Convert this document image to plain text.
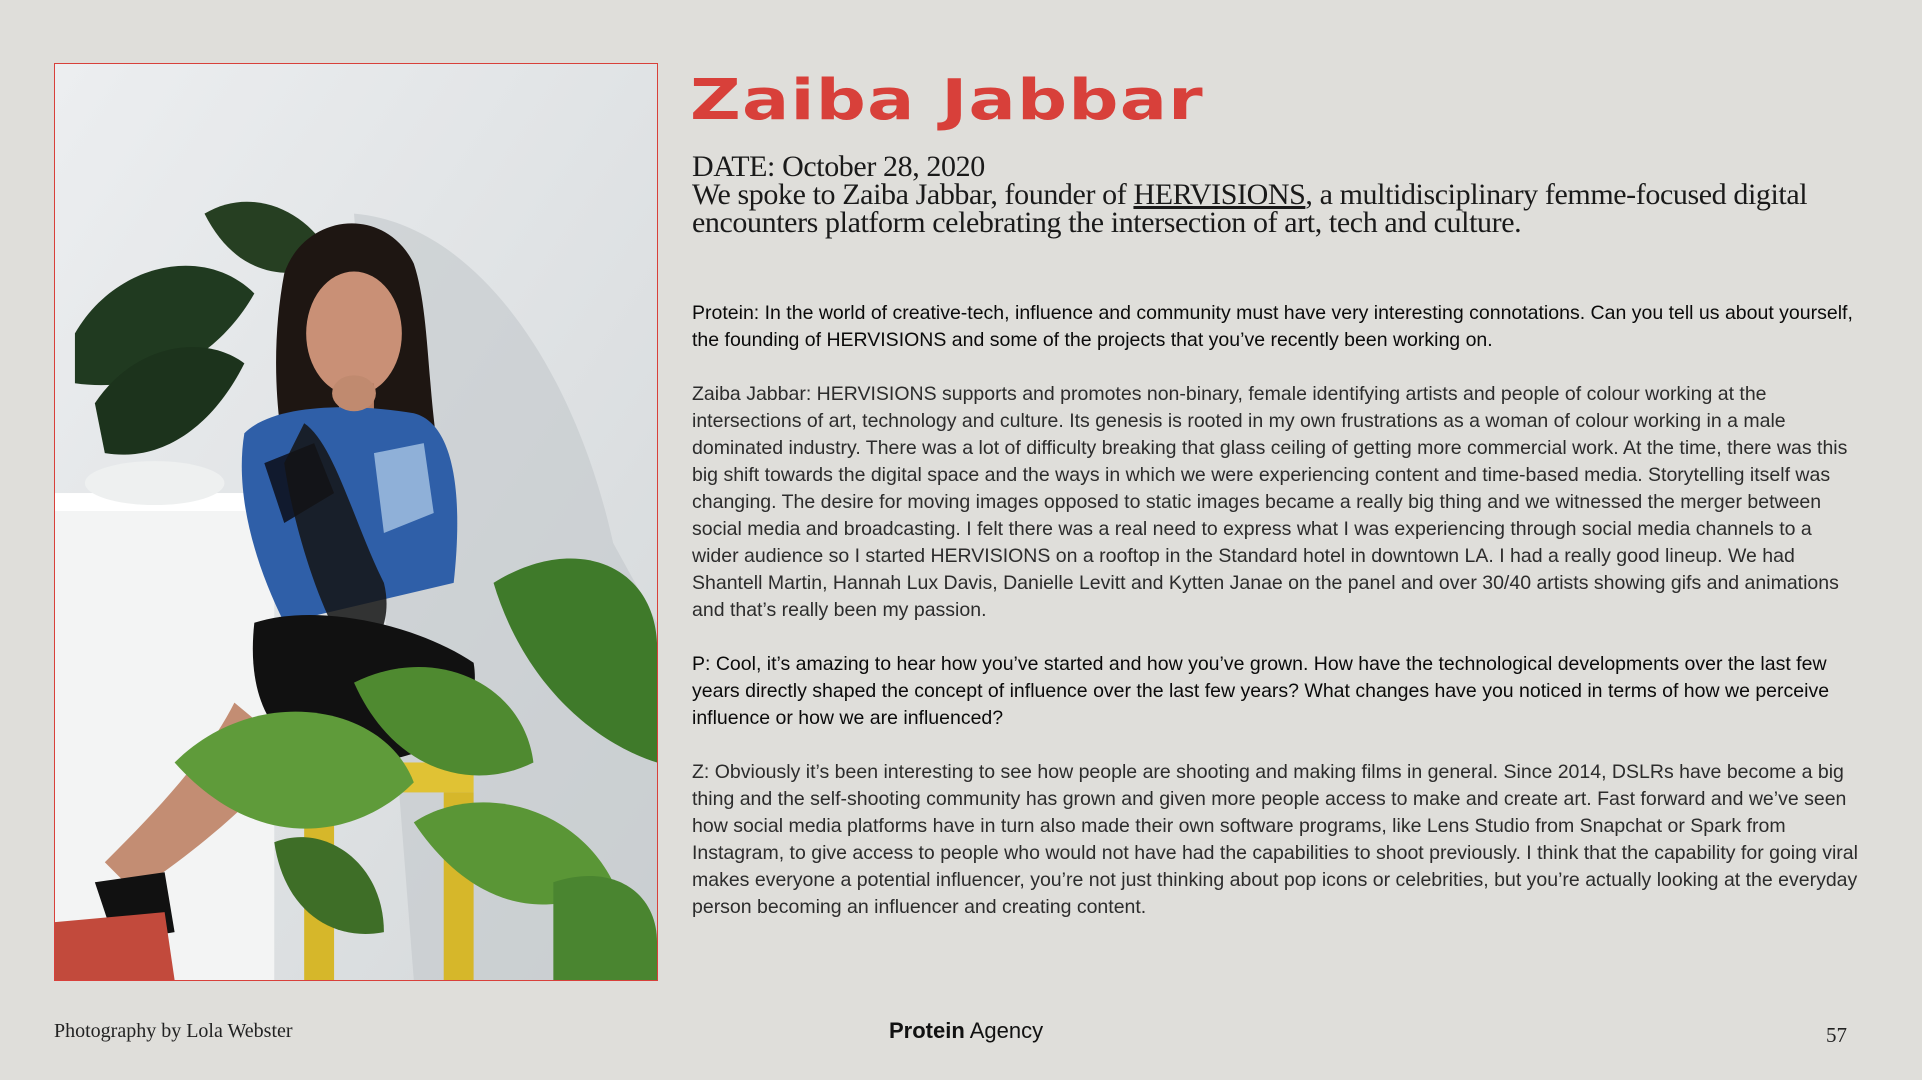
Zaiba Jabbar
DATE: October 28, 2020
We spoke to Zaiba Jabbar, founder of HERVISIONS, a multidisciplinary femme-focused digital encounters platform celebrating the intersection of art, tech and culture.

Protein: In the world of creative-tech, influence and community must have very interesting connotations. Can you tell us about yourself, the founding of HERVISIONS and some of the projects that you’ve recently been working on.

Zaiba Jabbar: HERVISIONS supports and promotes non-binary, female identifying artists and people of colour working at the intersections of art, technology and culture. Its genesis is rooted in my own frustrations as a woman of colour working in a male dominated industry. There was a lot of difficulty breaking that glass ceiling of getting more commercial work. At the time, there was this big shift towards the digital space and the ways in which we were experiencing content and time-based media. Storytelling itself was changing. The desire for moving images opposed to static images became a really big thing and we witnessed the merger between social media and broadcasting. I felt there was a real need to express what I was experiencing through social media channels to a wider audience so I started HERVISIONS on a rooftop in the Standard hotel in downtown LA. I had a really good lineup. We had Shantell Martin, Hannah Lux Davis, Danielle Levitt and Kytten Janae on the panel and over 30/40 artists showing gifs and animations and that’s really been my passion.

P: Cool, it’s amazing to hear how you’ve started and how you’ve grown. How have the technological developments over the last few years directly shaped the concept of influence over the last few years? What changes have you noticed in terms of how we perceive influence or how we are influenced?

Z: Obviously it’s been interesting to see how people are shooting and making films in general. Since 2014, DSLRs have become a big thing and the self-shooting community has grown and given more people access to make and create art. Fast forward and we’ve seen how social media platforms have in turn also made their own software programs, like Lens Studio from Snapchat or Spark from Instagram, to give access to people who would not have had the capabilities to shoot previously. I think that the capability for going viral makes everyone a potential influencer, you’re not just thinking about pop icons or celebrities, but you’re actually looking at the everyday person becoming an influencer and creating content.

Photography by Lola Webster	Protein Agency	57
